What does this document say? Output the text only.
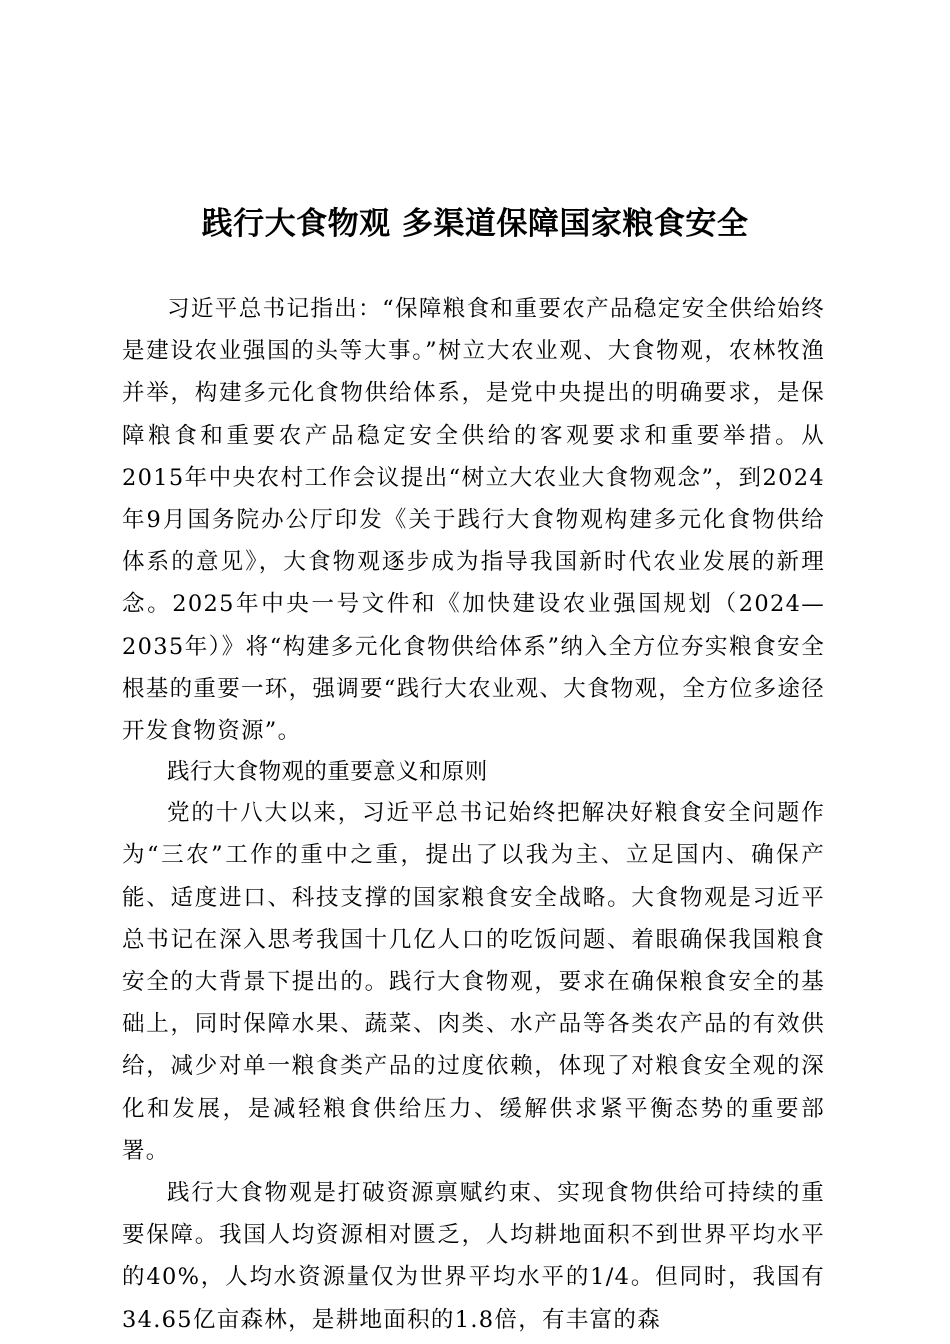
践行大食物观 多渠道保障国家粮食安全

习近平总书记指出：“保障粮食和重要农产品稳定安全供给始终是建设农业强国的头等大事。”树立大农业观、大食物观，农林牧渔并举，构建多元化食物供给体系，是党中央提出的明确要求，是保障粮食和重要农产品稳定安全供给的客观要求和重要举措。从2015年中央农村工作会议提出“树立大农业大食物观念”，到2024年9月国务院办公厅印发《关于践行大食物观构建多元化食物供给体系的意见》，大食物观逐步成为指导我国新时代农业发展的新理念。2025年中央一号文件和《加快建设农业强国规划（2024—2035年）》将“构建多元化食物供给体系”纳入全方位夯实粮食安全根基的重要一环，强调要“践行大农业观、大食物观，全方位多途径开发食物资源”。

践行大食物观的重要意义和原则

党的十八大以来，习近平总书记始终把解决好粮食安全问题作为“三农”工作的重中之重，提出了以我为主、立足国内、确保产能、适度进口、科技支撑的国家粮食安全战略。大食物观是习近平总书记在深入思考我国十几亿人口的吃饭问题、着眼确保我国粮食安全的大背景下提出的。践行大食物观，要求在确保粮食安全的基础上，同时保障水果、蔬菜、肉类、水产品等各类农产品的有效供给，减少对单一粮食类产品的过度依赖，体现了对粮食安全观的深化和发展，是减轻粮食供给压力、缓解供求紧平衡态势的重要部署。

践行大食物观是打破资源禀赋约束、实现食物供给可持续的重要保障。我国人均资源相对匮乏，人均耕地面积不到世界平均水平的40%，人均水资源量仅为世界平均水平的1/4。但同时，我国有34.65亿亩森林，是耕地面积的1.8倍，有丰富的森
